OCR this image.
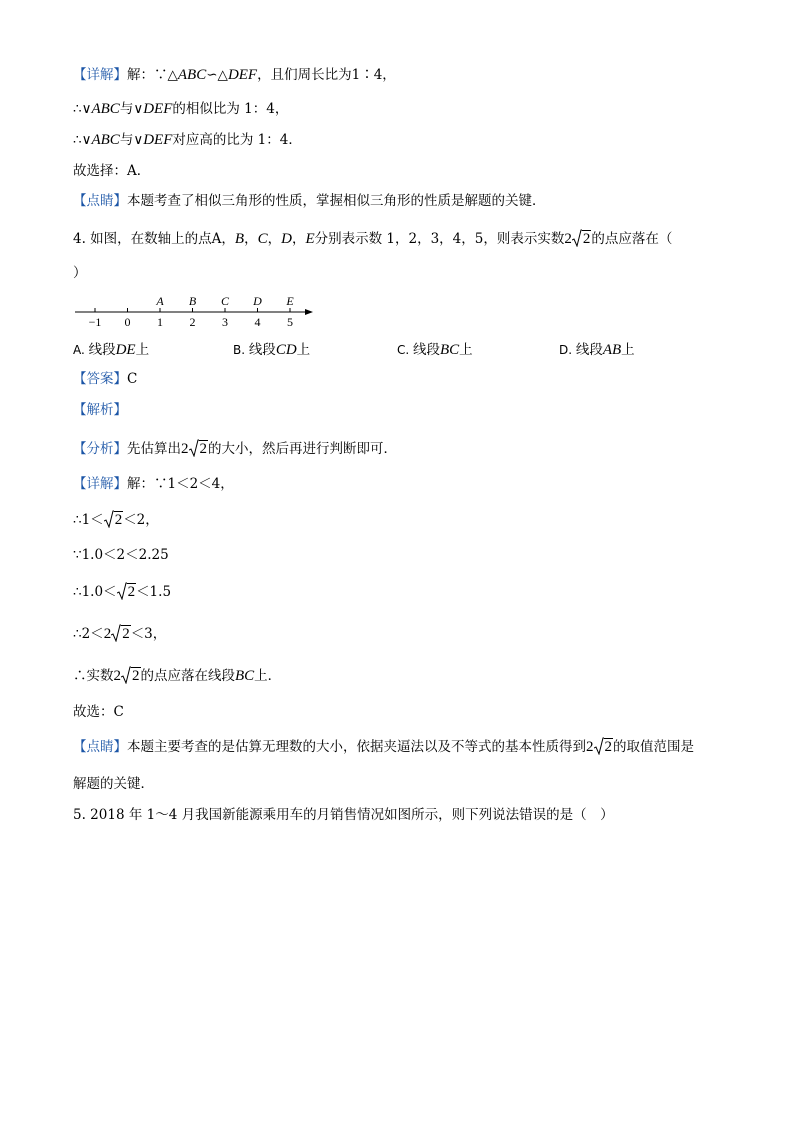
【详解】解：∵△ABC∽△DEF，且们周长比为1∶4，
∴∨ABC与∨DEF的相似比为 1：4，
∴∨ABC与∨DEF对应高的比为 1：4．
故选择：A．
【点睛】本题考查了相似三角形的性质，掌握相似三角形的性质是解题的关键．
4. 如图，在数轴上的点A，B，C，D，E分别表示数 1，2，3，4，5，则表示实数2 2的点应落在（
）
−1 0 1 2 3 4 5
A B C D E
A. 线段DE上	B. 线段CD上	C. 线段BC上	D. 线段AB上
【答案】C
【解析】
【分析】先估算出2 2的大小，然后再进行判断即可．
【详解】解：∵1＜2＜4，
∴1＜ 2＜2，
∵1.0＜2＜2.25
∴1.0＜ 2＜1.5
∴2＜2 2＜3，
∴实数2 2的点应落在线段BC上．
故选：C
【点睛】本题主要考查的是估算无理数的大小，依据夹逼法以及不等式的基本性质得到2 2的取值范围是
解题的关键．
5. 2018 年 1～4 月我国新能源乘用车的月销售情况如图所示，则下列说法错误的是（　）
